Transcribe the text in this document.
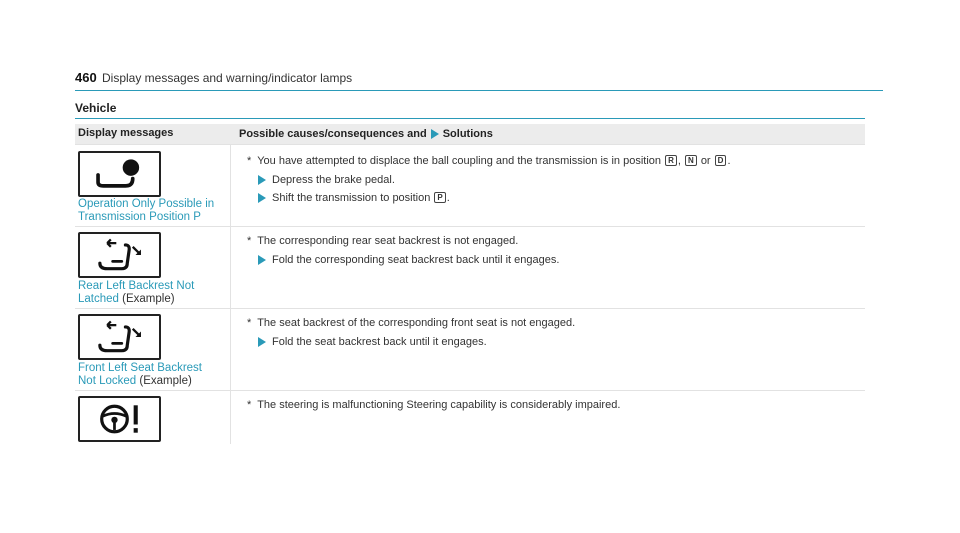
460 Display messages and warning/indicator lamps
Vehicle
Display messages	Possible causes/consequences and Solutions
Operation Only Possible in
Transmission Position P
* You have attempted to displace the ball coupling and the transmission is in position R , N or D .
Depress the brake pedal.
Shift the transmission to position P .
Rear Left Backrest Not
Latched (Example)
* The corresponding rear seat backrest is not engaged.
Fold the corresponding seat backrest back until it engages.
Front Left Seat Backrest
Not Locked (Example)
* The seat backrest of the corresponding front seat is not engaged.
Fold the seat backrest back until it engages.
* The steering is malfunctioning Steering capability is considerably impaired.
